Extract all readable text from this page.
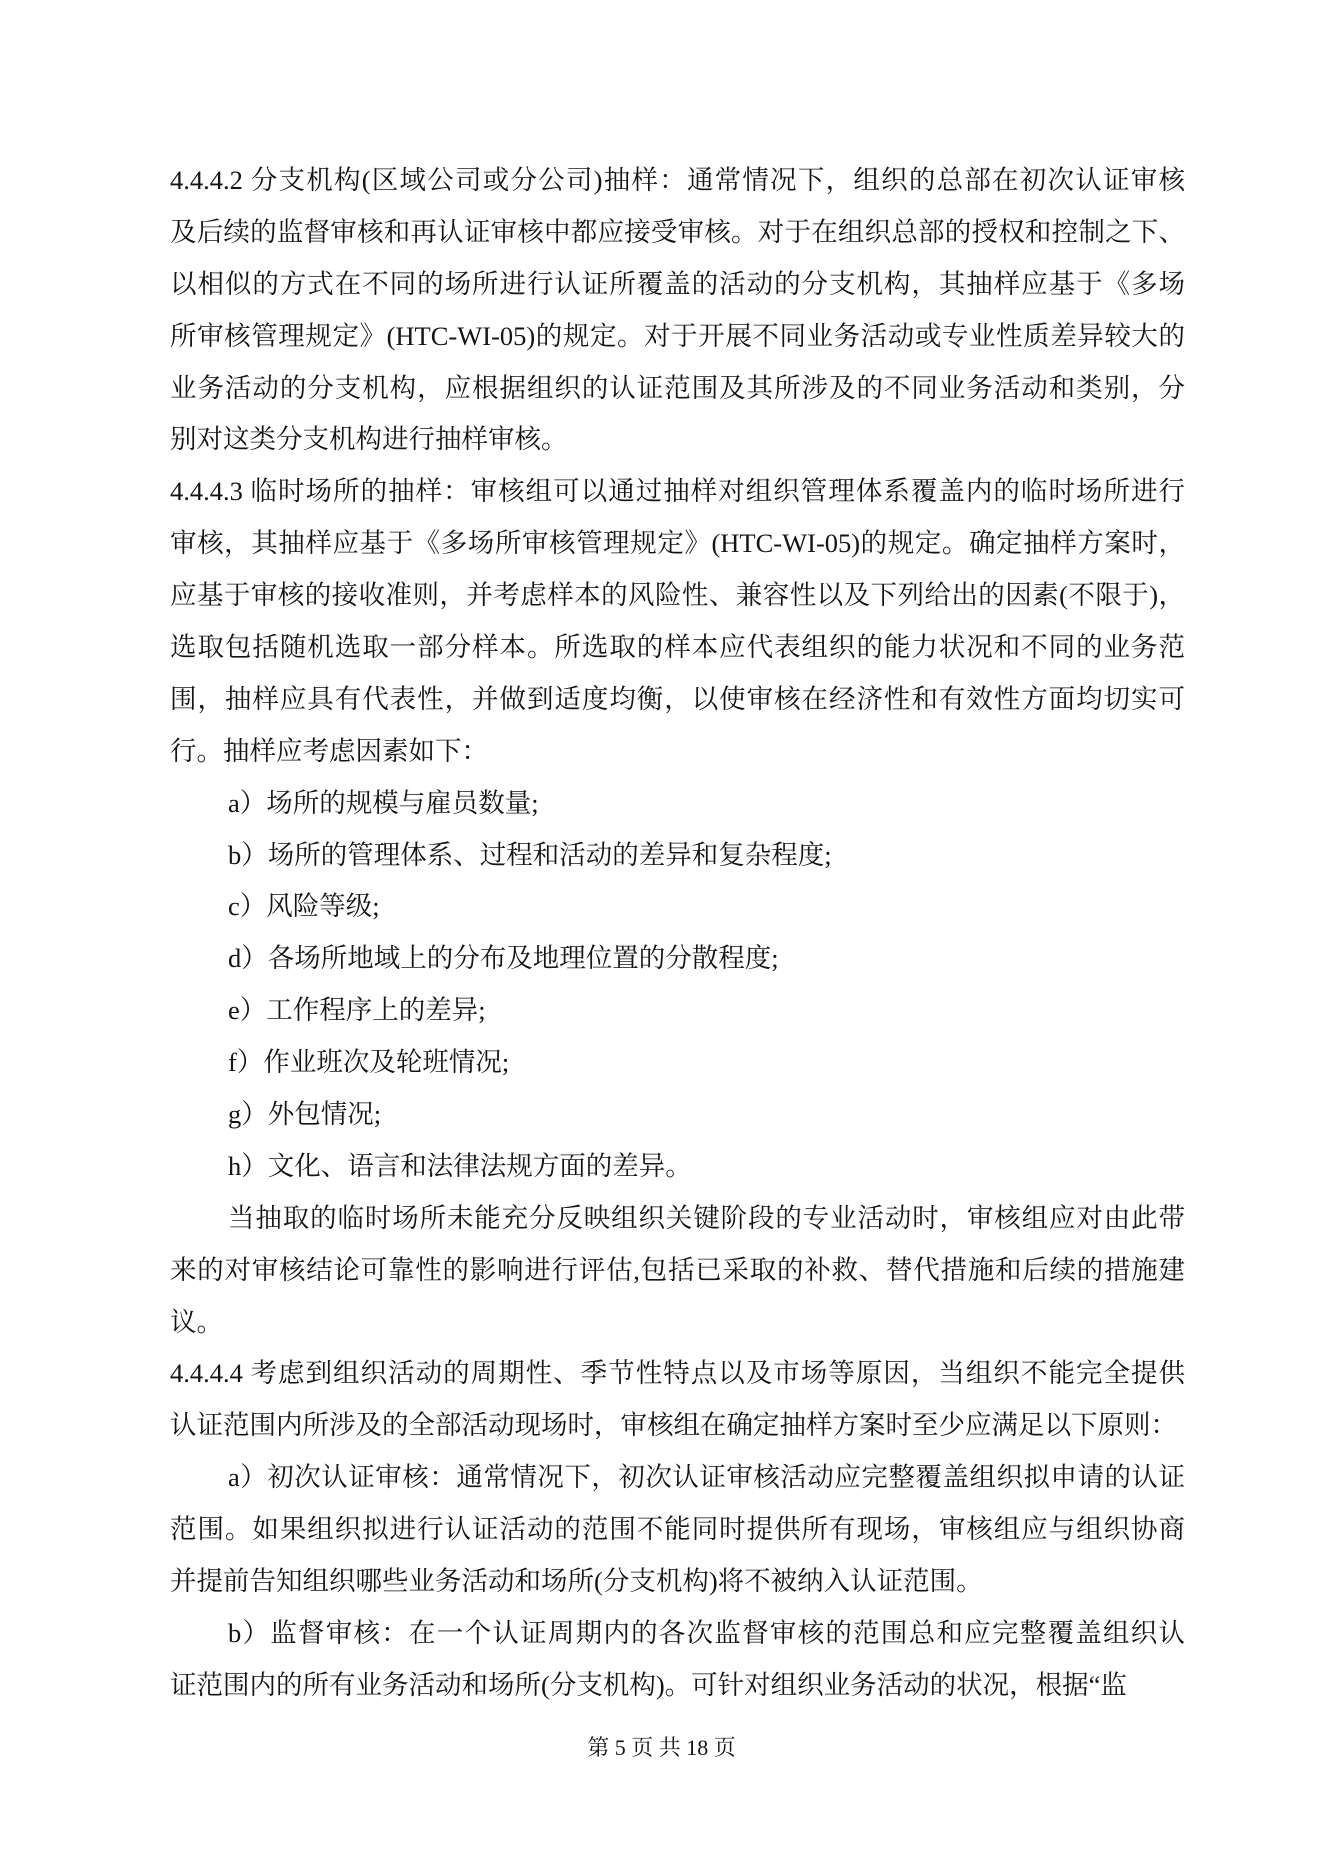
4.4.4.2 分支机构(区域公司或分公司)抽样：通常情况下，组织的总部在初次认证审核
及后续的监督审核和再认证审核中都应接受审核。对于在组织总部的授权和控制之下、
以相似的方式在不同的场所进行认证所覆盖的活动的分支机构，其抽样应基于《多场
所审核管理规定》(HTC-WI-05)的规定。对于开展不同业务活动或专业性质差异较大的
业务活动的分支机构，应根据组织的认证范围及其所涉及的不同业务活动和类别，分
别对这类分支机构进行抽样审核。
4.4.4.3 临时场所的抽样：审核组可以通过抽样对组织管理体系覆盖内的临时场所进行
审核，其抽样应基于《多场所审核管理规定》(HTC-WI-05)的规定。确定抽样方案时，
应基于审核的接收准则，并考虑样本的风险性、兼容性以及下列给出的因素(不限于)，
选取包括随机选取一部分样本。所选取的样本应代表组织的能力状况和不同的业务范
围，抽样应具有代表性，并做到适度均衡，以使审核在经济性和有效性方面均切实可
行。抽样应考虑因素如下：
a）场所的规模与雇员数量;
b）场所的管理体系、过程和活动的差异和复杂程度;
c）风险等级;
d）各场所地域上的分布及地理位置的分散程度;
e）工作程序上的差异;
f）作业班次及轮班情况;
g）外包情况;
h）文化、语言和法律法规方面的差异。
当抽取的临时场所未能充分反映组织关键阶段的专业活动时，审核组应对由此带
来的对审核结论可靠性的影响进行评估,包括已采取的补救、替代措施和后续的措施建
议。
4.4.4.4 考虑到组织活动的周期性、季节性特点以及市场等原因，当组织不能完全提供
认证范围内所涉及的全部活动现场时，审核组在确定抽样方案时至少应满足以下原则：
a）初次认证审核：通常情况下，初次认证审核活动应完整覆盖组织拟申请的认证
范围。如果组织拟进行认证活动的范围不能同时提供所有现场，审核组应与组织协商
并提前告知组织哪些业务活动和场所(分支机构)将不被纳入认证范围。
b）监督审核：在一个认证周期内的各次监督审核的范围总和应完整覆盖组织认
证范围内的所有业务活动和场所(分支机构)。可针对组织业务活动的状况，根据“监
第 5 页 共 18 页
